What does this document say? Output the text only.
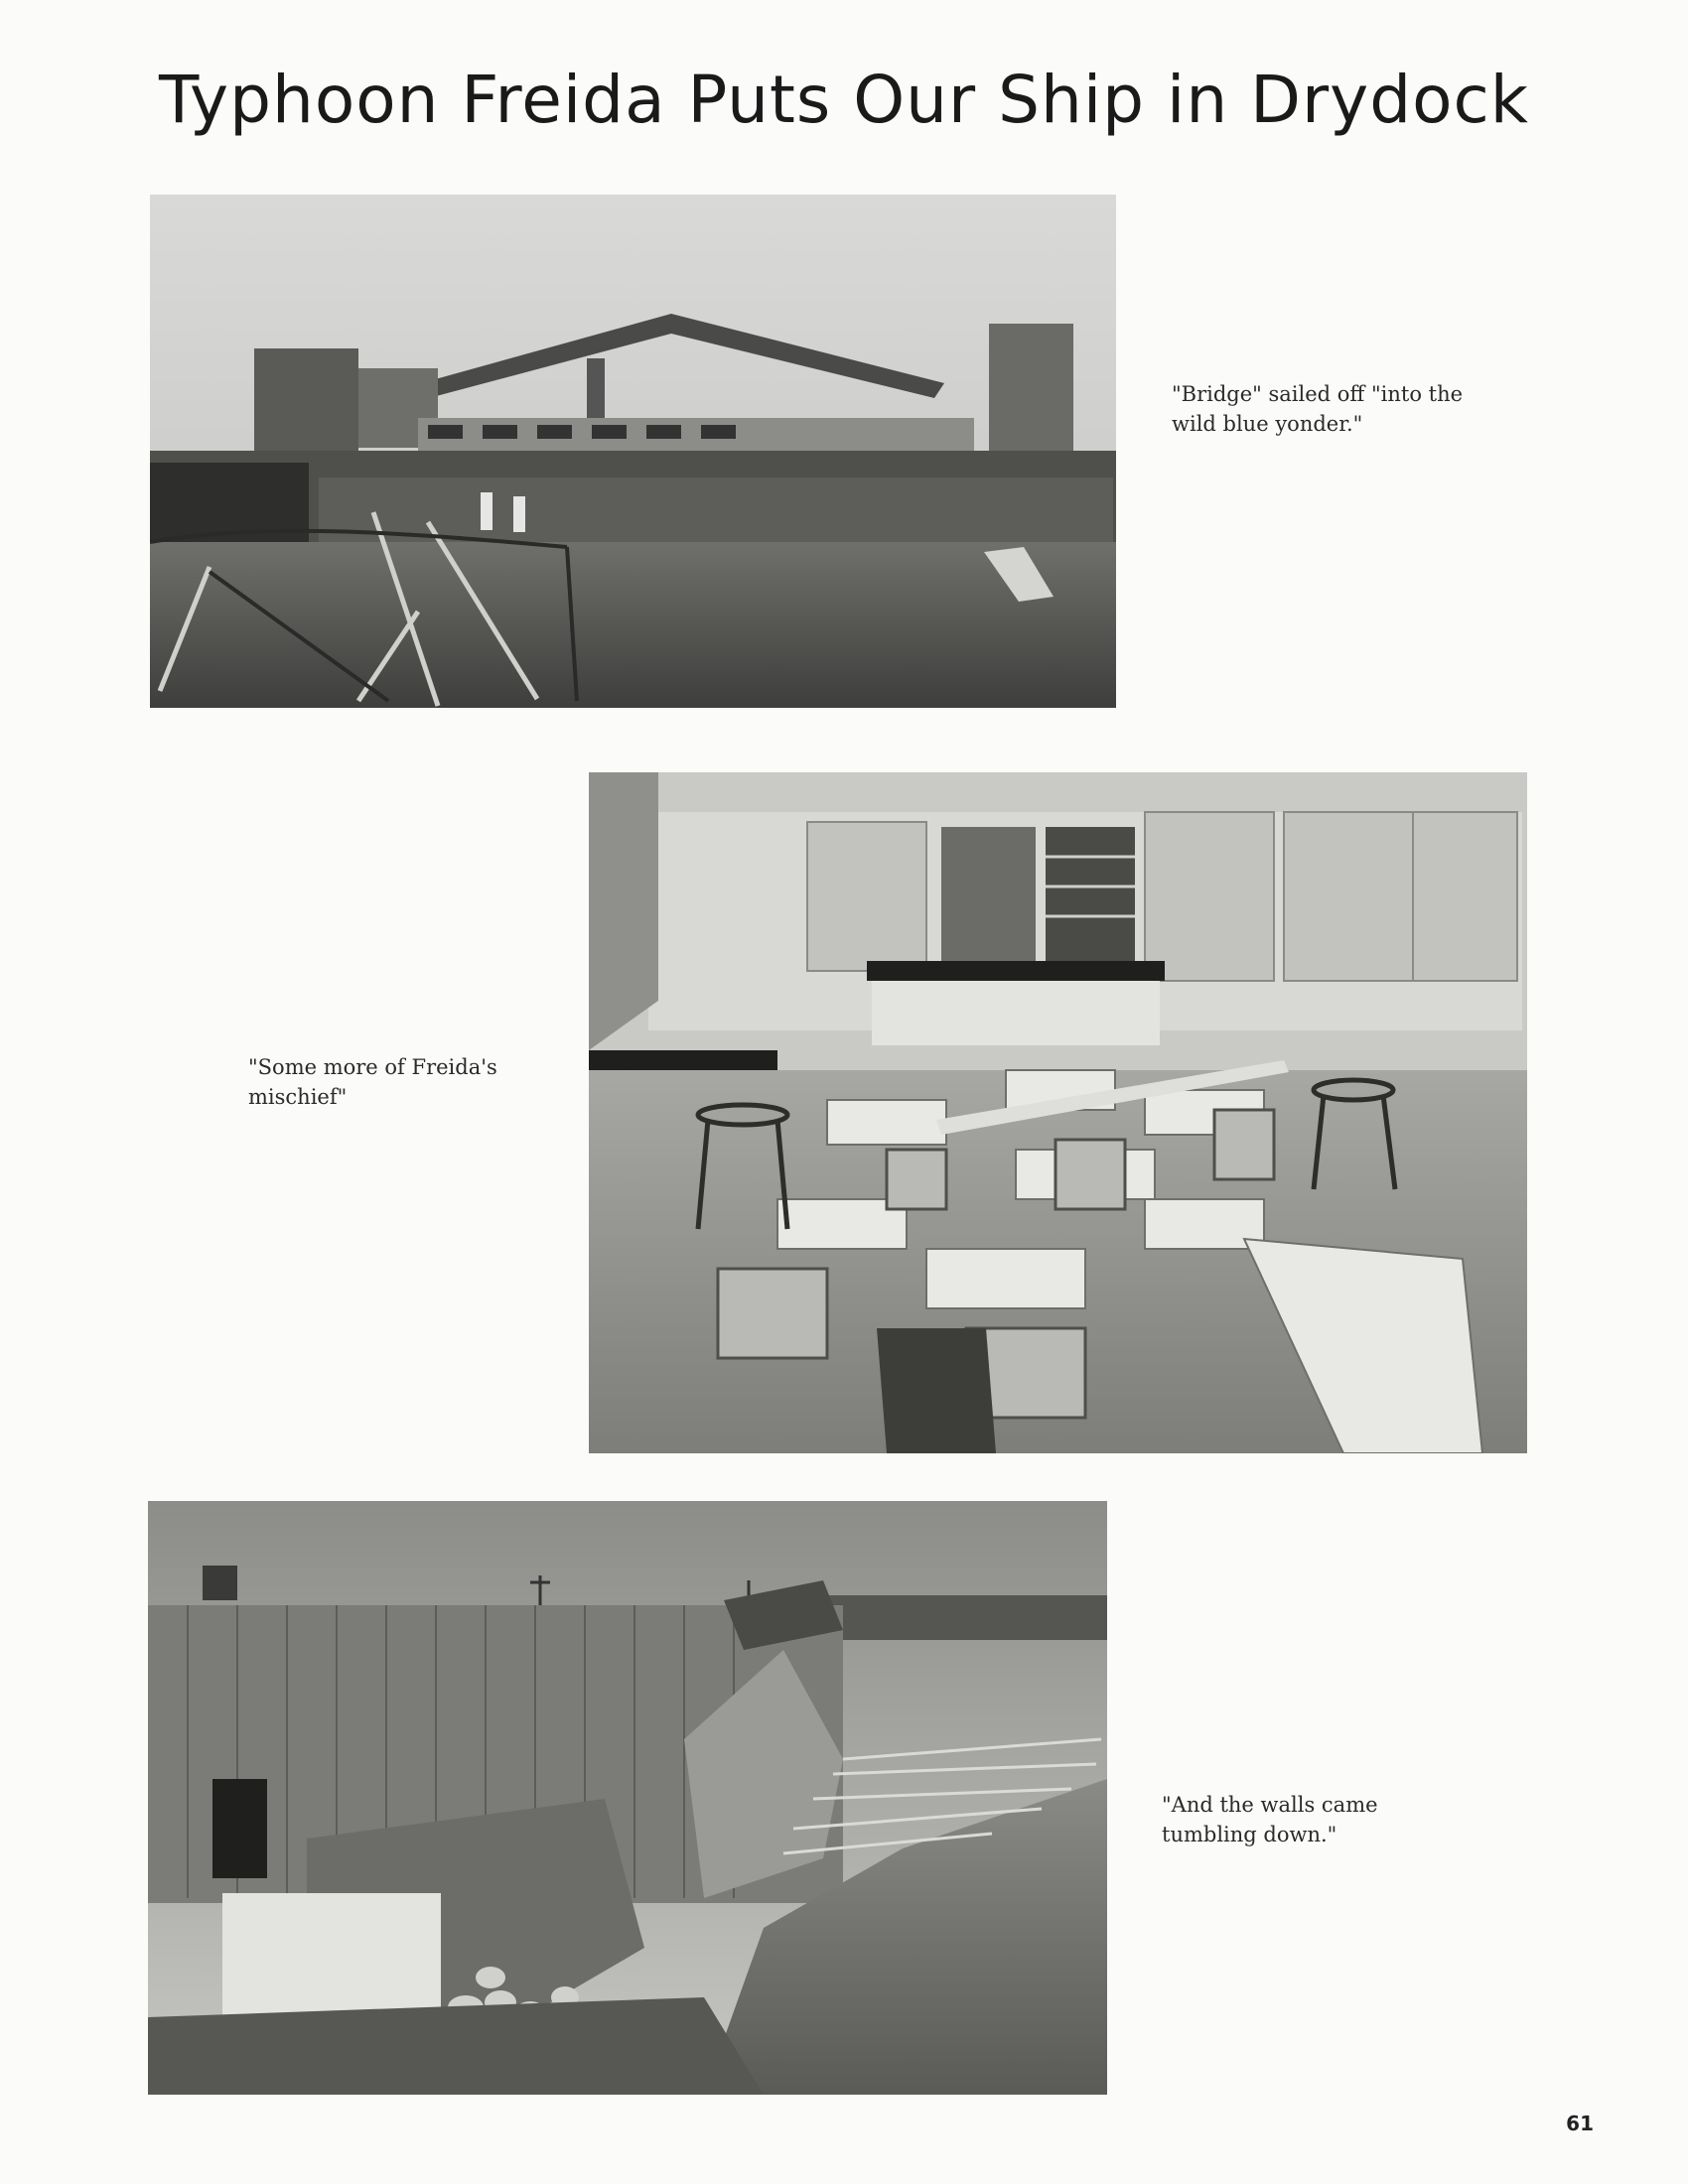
Typhoon Freida Puts Our Ship in Drydock
"Bridge" sailed off "into the
wild blue yonder."
"Some more of Freida's
mischief"
"And the walls came
tumbling down."
61
